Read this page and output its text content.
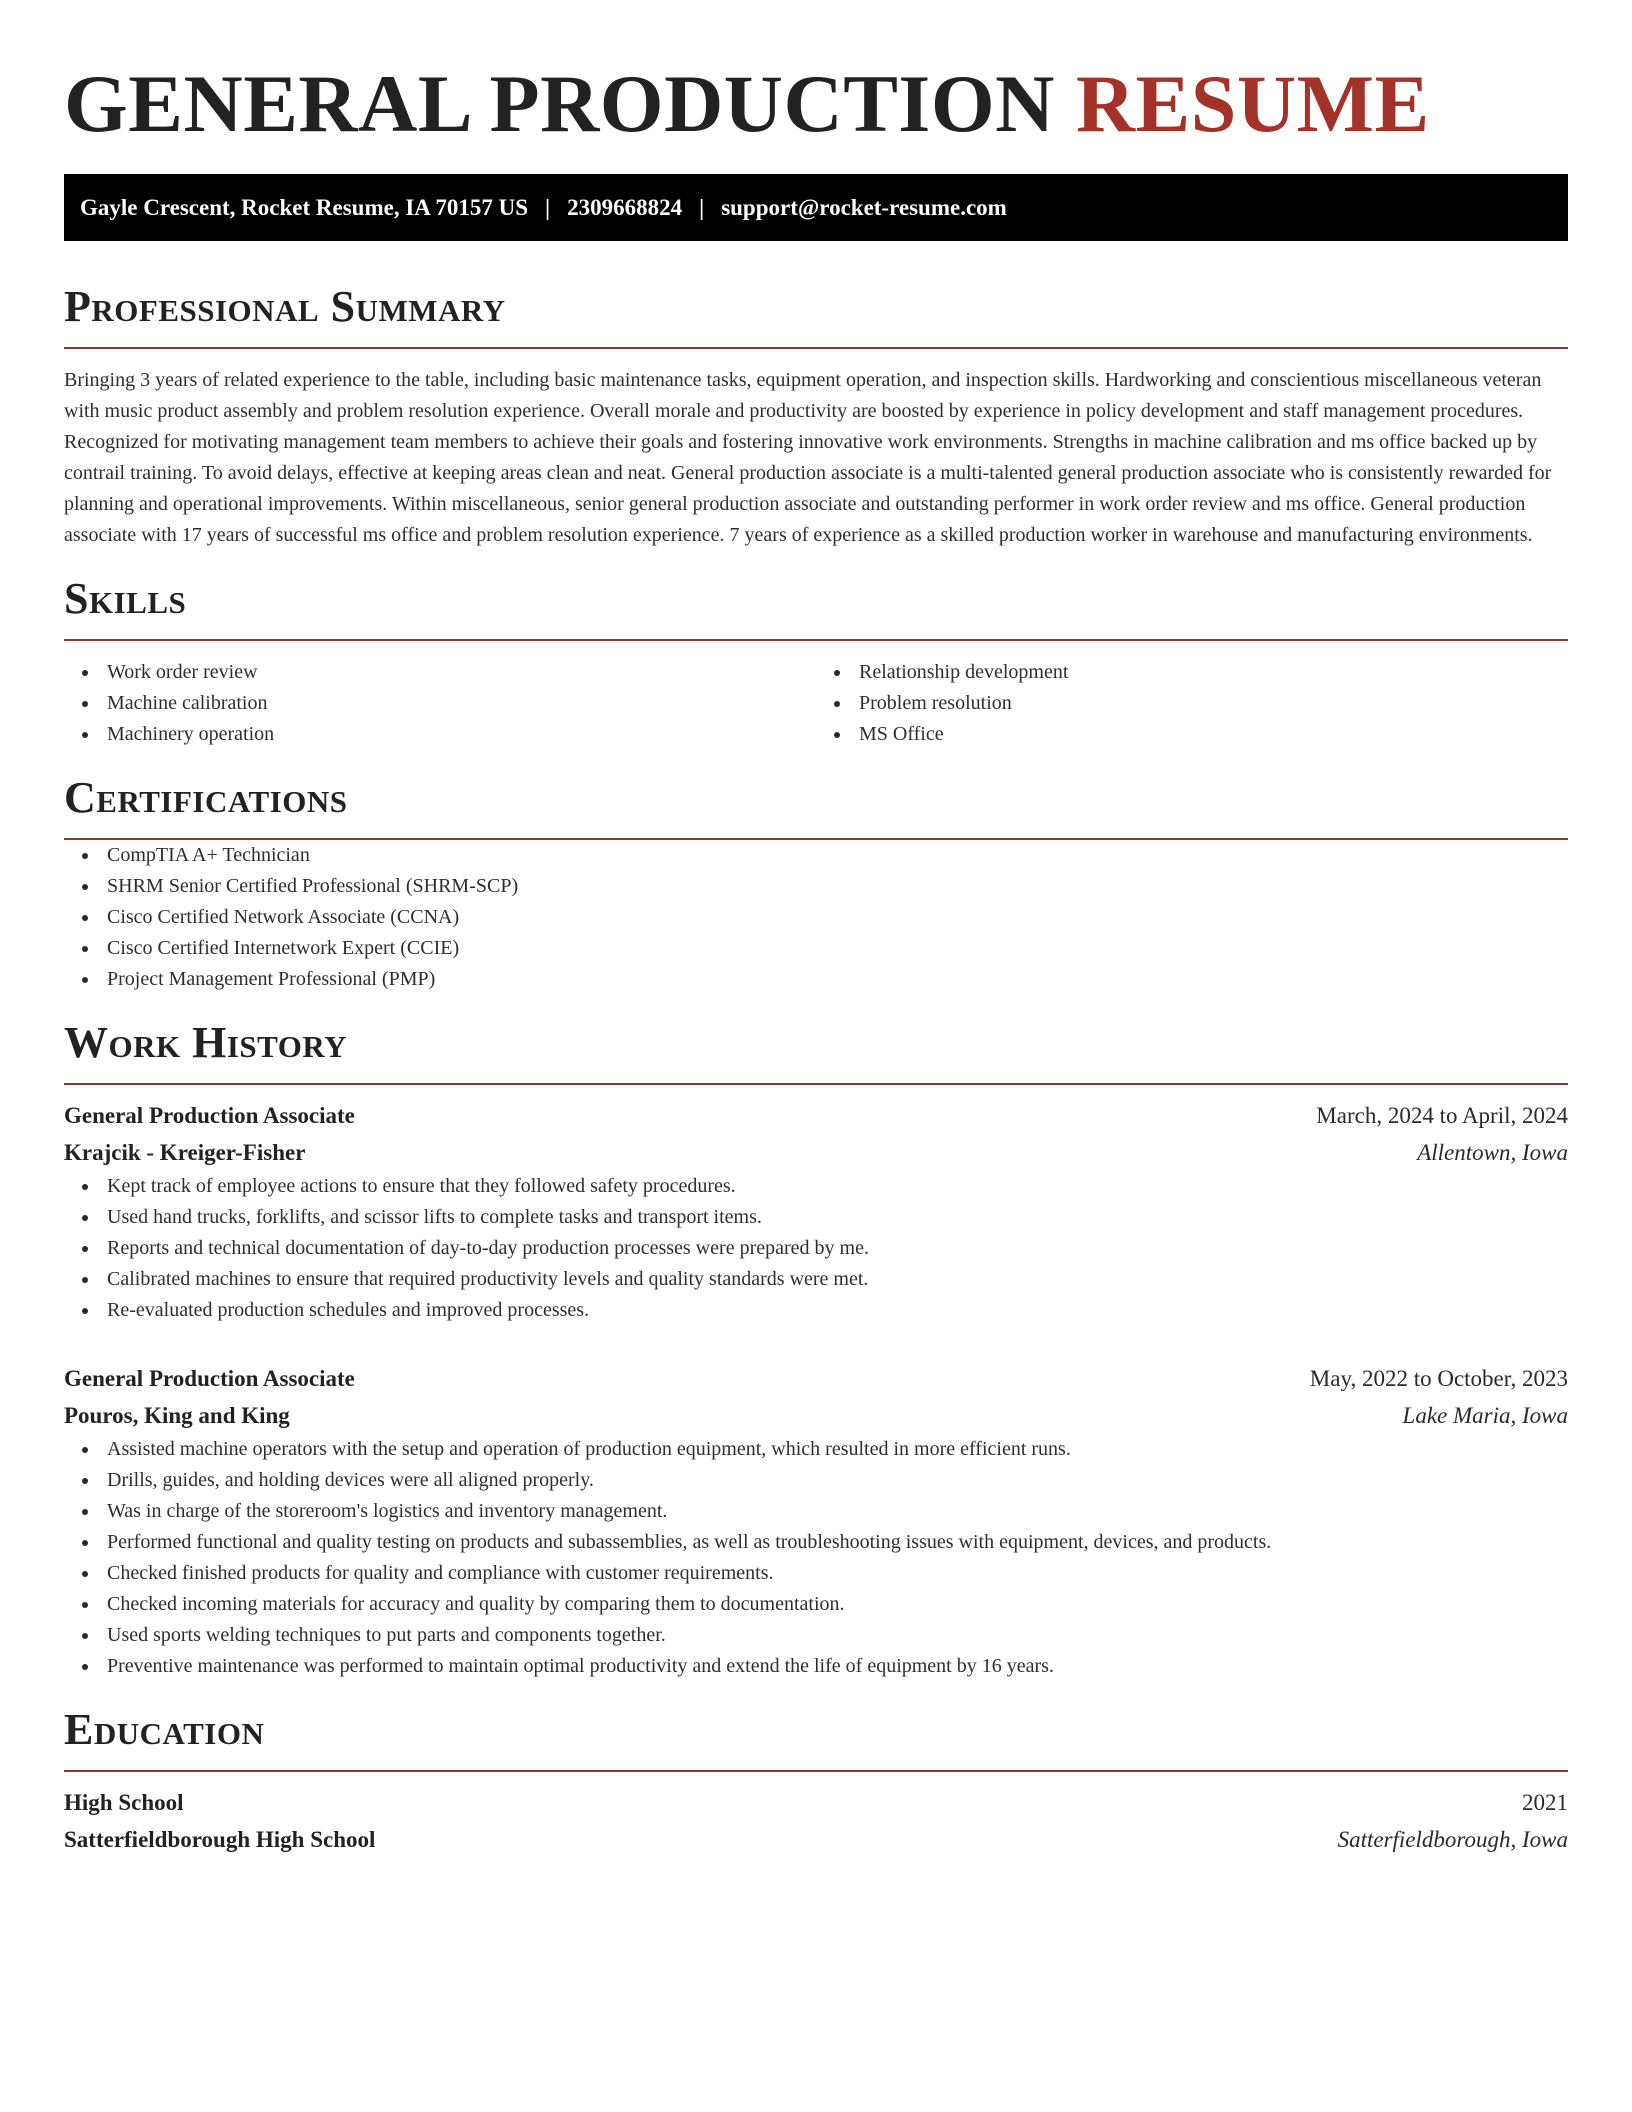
GENERAL PRODUCTION RESUME
Gayle Crescent, Rocket Resume, IA 70157 US | 2309668824 | support@rocket-resume.com
Professional Summary

Bringing 3 years of related experience to the table, including basic maintenance tasks, equipment operation, and inspection skills. Hardworking and conscientious miscellaneous veteran with music product assembly and problem resolution experience. Overall morale and productivity are boosted by experience in policy development and staff management procedures. Recognized for motivating management team members to achieve their goals and fostering innovative work environments. Strengths in machine calibration and ms office backed up by contrail training. To avoid delays, effective at keeping areas clean and neat. General production associate is a multi-talented general production associate who is consistently rewarded for planning and operational improvements. Within miscellaneous, senior general production associate and outstanding performer in work order review and ms office. General production associate with 17 years of successful ms office and problem resolution experience. 7 years of experience as a skilled production worker in warehouse and manufacturing environments.

Skills
Work order review
Machine calibration
Machinery operation
Relationship development
Problem resolution
MS Office
Certifications
CompTIA A+ Technician
SHRM Senior Certified Professional (SHRM-SCP)
Cisco Certified Network Associate (CCNA)
Cisco Certified Internetwork Expert (CCIE)
Project Management Professional (PMP)
Work History
General Production Associate	March, 2024 to April, 2024
Krajcik - Kreiger-Fisher	Allentown, Iowa
Kept track of employee actions to ensure that they followed safety procedures.
Used hand trucks, forklifts, and scissor lifts to complete tasks and transport items.
Reports and technical documentation of day-to-day production processes were prepared by me.
Calibrated machines to ensure that required productivity levels and quality standards were met.
Re-evaluated production schedules and improved processes.
General Production Associate	May, 2022 to October, 2023
Pouros, King and King	Lake Maria, Iowa
Assisted machine operators with the setup and operation of production equipment, which resulted in more efficient runs.
Drills, guides, and holding devices were all aligned properly.
Was in charge of the storeroom's logistics and inventory management.
Performed functional and quality testing on products and subassemblies, as well as troubleshooting issues with equipment, devices, and products.
Checked finished products for quality and compliance with customer requirements.
Checked incoming materials for accuracy and quality by comparing them to documentation.
Used sports welding techniques to put parts and components together.
Preventive maintenance was performed to maintain optimal productivity and extend the life of equipment by 16 years.
Education
High School	2021
Satterfieldborough High School	Satterfieldborough, Iowa
